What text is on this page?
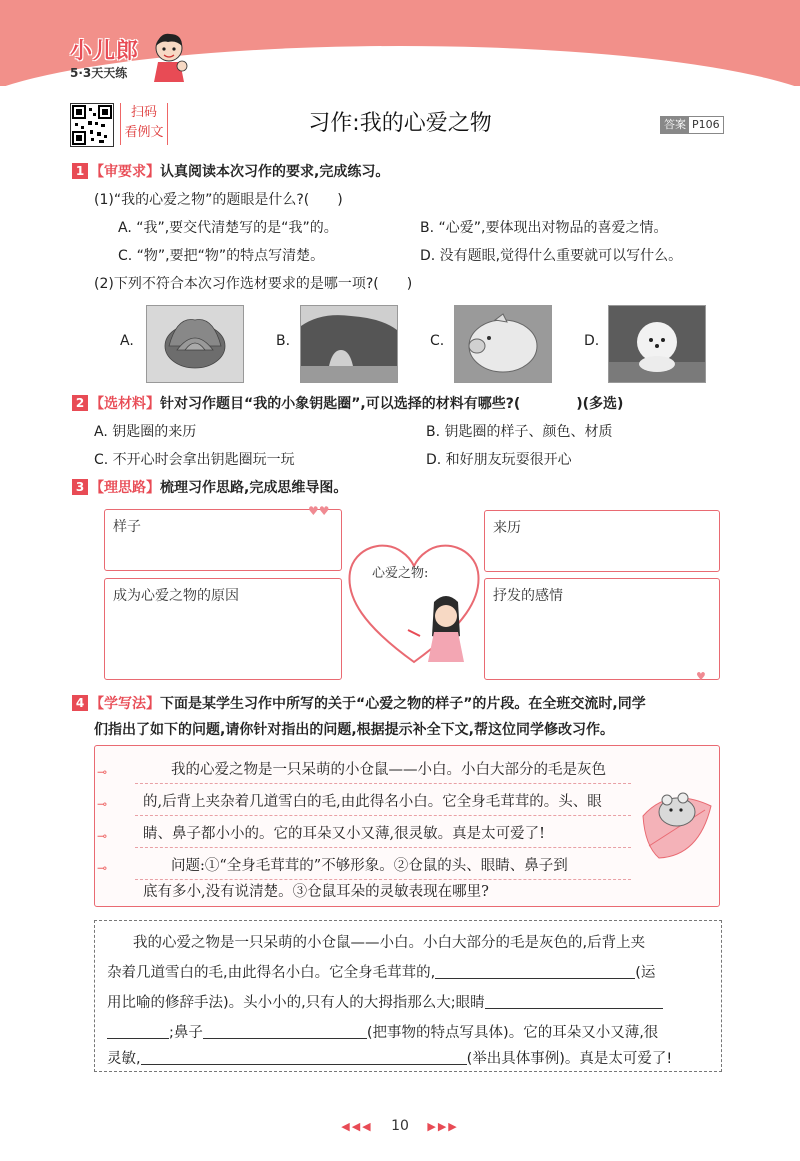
小儿郎
5·3天天练
扫码
看例文	习作:我的心爱之物	答案 P106
1 【审要求】认真阅读本次习作的要求,完成练习。
(1)“我的心爱之物”的题眼是什么?(　　)
A. “我”,要交代清楚写的是“我”的。	B. “心爱”,要体现出对物品的喜爱之情。
C. “物”,要把“物”的特点写清楚。	D. 没有题眼,觉得什么重要就可以写什么。
(2)下列不符合本次习作选材要求的是哪一项?(　　)
A.	B.	C.	D.
2 【选材料】针对习作题目“我的小象钥匙圈”,可以选择的材料有哪些?(　　　　)(多选)
A. 钥匙圈的来历	B. 钥匙圈的样子、颜色、材质
C. 不开心时会拿出钥匙圈玩一玩	D. 和好朋友玩耍很开心
3 【理思路】梳理习作思路,完成思维导图。
样子
♥♥
来历
成为心爱之物的原因	抒发的感情
♥
心爱之物:
4 【学写法】下面是某学生习作中所写的关于“心爱之物的样子”的片段。在全班交流时,同学
们指出了如下的问题,请你针对指出的问题,根据提示补全下文,帮这位同学修改习作。
⊸
⊸
⊸
⊸
我的心爱之物是一只呆萌的小仓鼠——小白。小白大部分的毛是灰色
的,后背上夹杂着几道雪白的毛,由此得名小白。它全身毛茸茸的。头、眼
睛、鼻子都小小的。它的耳朵又小又薄,很灵敏。真是太可爱了!
问题:①“全身毛茸茸的”不够形象。②仓鼠的头、眼睛、鼻子到
底有多小,没有说清楚。③仓鼠耳朵的灵敏表现在哪里?
我的心爱之物是一只呆萌的小仓鼠——小白。小白大部分的毛是灰色的,后背上夹
杂着几道雪白的毛,由此得名小白。它全身毛茸茸的,	(运
用比喻的修辞手法)。头小小的,只有人的大拇指那么大;眼睛
;鼻子	(把事物的特点写具体)。它的耳朵又小又薄,很
灵敏,	(举出具体事例)。真是太可爱了!
◀◀◀ 10 ▶▶▶
